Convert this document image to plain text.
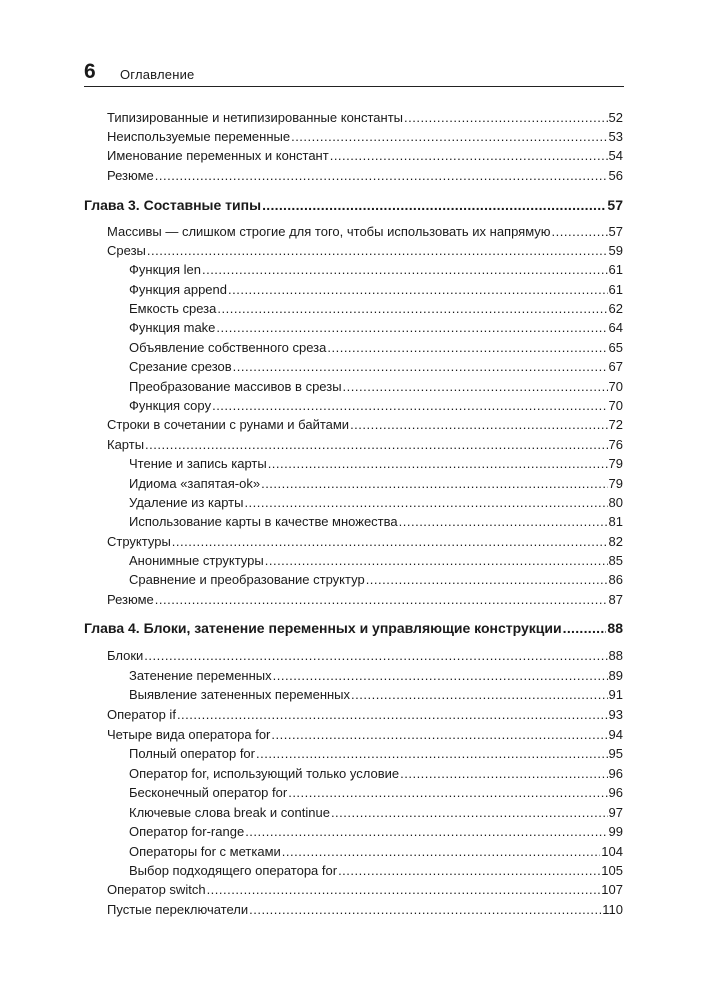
6 Оглавление
Типизированные и нетипизированные константы .....	52
Неиспользуемые переменные .....	53
Именование переменных и констант .....	54
Резюме .....	56
Глава 3. Составные типы .....	57
Массивы — слишком строгие для того, чтобы использовать их напрямую .....	57
Срезы .....	59
Функция len .....	61
Функция append .....	61
Емкость среза .....	62
Функция make .....	64
Объявление собственного среза .....	65
Срезание срезов .....	67
Преобразование массивов в срезы .....	70
Функция copy .....	70
Строки в сочетании с рунами и байтами .....	72
Карты .....	76
Чтение и запись карты .....	79
Идиома «запятая-ok» .....	79
Удаление из карты .....	80
Использование карты в качестве множества .....	81
Структуры .....	82
Анонимные структуры .....	85
Сравнение и преобразование структур .....	86
Резюме .....	87
Глава 4. Блоки, затенение переменных и управляющие конструкции .....	88
Блоки .....	88
Затенение переменных .....	89
Выявление затененных переменных .....	91
Оператор if .....	93
Четыре вида оператора for .....	94
Полный оператор for .....	95
Оператор for, использующий только условие .....	96
Бесконечный оператор for .....	96
Ключевые слова break и continue .....	97
Оператор for-range .....	99
Операторы for с метками .....	104
Выбор подходящего оператора for .....	105
Оператор switch .....	107
Пустые переключатели .....	110
